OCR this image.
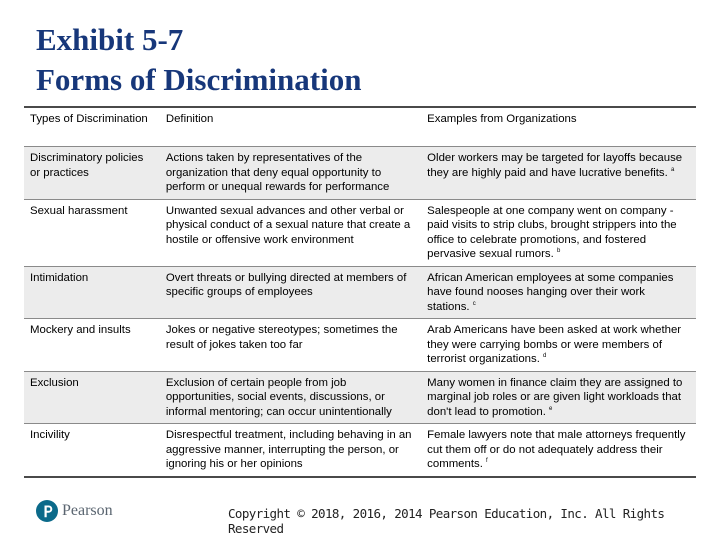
Exhibit 5-7
Forms of Discrimination
Types of Discrimination	Definition	Examples from Organizations
Discriminatory policies or practices	Actions taken by representatives of the organization that deny equal opportunity to perform or unequal rewards for performance	Older workers may be targeted for layoffs because they are highly paid and have lucrative benefits. $^a$
Sexual harassment	Unwanted sexual advances and other verbal or physical conduct of a sexual nature that create a hostile or offensive work environment	Salespeople at one company went on company -paid visits to strip clubs, brought strippers into the office to celebrate promotions, and fostered pervasive sexual rumors. $^b$
Intimidation	Overt threats or bullying directed at members of specific groups of employees	African American employees at some companies have found nooses hanging over their work stations. $^c$
Mockery and insults	Jokes or negative stereotypes; sometimes the result of jokes taken too far	Arab Americans have been asked at work whether they were carrying bombs or were members of terrorist organizations. $^d$
Exclusion	Exclusion of certain people from job opportunities, social events, discussions, or informal mentoring; can occur unintentionally	Many women in finance claim they are assigned to marginal job roles or are given light workloads that don't lead to promotion. $^e$
Incivility	Disrespectful treatment, including behaving in an aggressive manner, interrupting the person, or ignoring his or her opinions	Female lawyers note that male attorneys frequently cut them off or do not adequately address their comments. $^f$
Pearson	Copyright © 2018, 2016, 2014 Pearson Education, Inc. All Rights Reserved
